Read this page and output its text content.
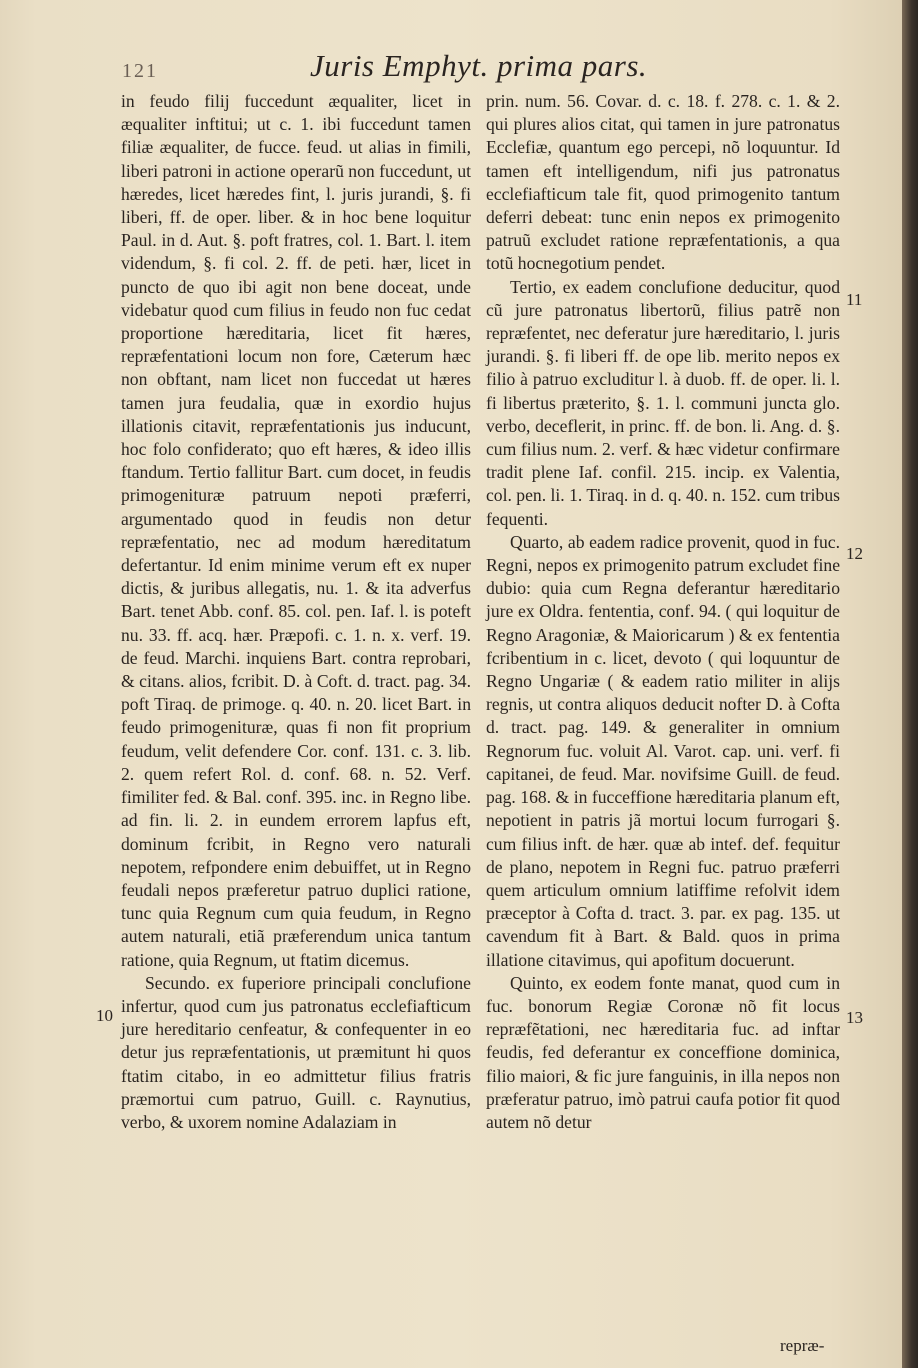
121	Juris Emphyt. prima pars.

in feudo filij fuccedunt æqualiter, licet in æqualiter inftitui; ut c. 1. ibi fuccedunt tamen filiæ æqualiter, de fucce. feud. ut alias in fimili, liberi patroni in actione operarũ non fuccedunt, ut hæredes, licet hæredes fint, l. juris jurandi, §. fi liberi, ff. de oper. liber. & in hoc bene loquitur Paul. in d. Aut. §. poft fratres, col. 1. Bart. l. item videndum, §. fi col. 2. ff. de peti. hær, licet in puncto de quo ibi agit non bene doceat, unde videbatur quod cum filius in feudo non fuc cedat proportione hæreditaria, licet fit hæres, repræfentationi locum non fore, Cæterum hæc non obftant, nam licet non fuccedat ut hæres tamen jura feudalia, quæ in exordio hujus illationis citavit, repræfentationis jus inducunt, hoc folo confiderato; quo eft hæres, & ideo illis ftandum. Tertio fallitur Bart. cum docet, in feudis primogenituræ patruum nepoti præferri, argumentado quod in feudis non detur repræfentatio, nec ad modum hæreditatum defertantur. Id enim minime verum eft ex nuper dictis, & juribus allegatis, nu. 1. & ita adverfus Bart. tenet Abb. conf. 85. col. pen. Iaf. l. is poteft nu. 33. ff. acq. hær. Præpofi. c. 1. n. x. verf. 19. de feud. Marchi. inquiens Bart. contra reprobari, & citans. alios, fcribit. D. à Coft. d. tract. pag. 34. poft Tiraq. de primoge. q. 40. n. 20. licet Bart. in feudo primogenituræ, quas fi non fit proprium feudum, velit defendere Cor. conf. 131. c. 3. lib. 2. quem refert Rol. d. conf. 68. n. 52. Verf. fimiliter fed. & Bal. conf. 395. inc. in Regno libe. ad fin. li. 2. in eundem errorem lapfus eft, dominum fcribit, in Regno vero naturali nepotem, refpondere enim debuiffet, ut in Regno feudali nepos præferetur patruo duplici ratione, tunc quia Regnum cum quia feudum, in Regno autem naturali, etiã præferendum unica tantum ratione, quia Regnum, ut ftatim dicemus.

Secundo. ex fuperiore principali conclufione infertur, quod cum jus patronatus ecclefiafticum jure hereditario cenfeatur, & confequenter in eo detur jus repræfentationis, ut præmitunt hi quos ftatim citabo, in eo admittetur filius fratris præmortui cum patruo, Guill. c. Raynutius, verbo, & uxorem nomine Adalaziam in

10

prin. num. 56. Covar. d. c. 18. f. 278. c. 1. & 2. qui plures alios citat, qui tamen in jure patronatus Ecclefiæ, quantum ego percepi, nõ loquuntur. Id tamen eft intelligendum, nifi jus patronatus ecclefiafticum tale fit, quod primogenito tantum deferri debeat: tunc enin nepos ex primogenito patruũ excludet ratione repræfentationis, a qua totũ hocnegotium pendet.

Tertio, ex eadem conclufione deducitur, quod cũ jure patronatus libertorũ, filius patrẽ non repræfentet, nec deferatur jure hæreditario, l. juris jurandi. §. fi liberi ff. de ope lib. merito nepos ex filio à patruo excluditur l. à duob. ff. de oper. li. l. fi libertus præterito, §. 1. l. communi juncta glo. verbo, deceflerit, in princ. ff. de bon. li. Ang. d. §. cum filius num. 2. verf. & hæc videtur confirmare tradit plene Iaf. confil. 215. incip. ex Valentia, col. pen. li. 1. Tiraq. in d. q. 40. n. 152. cum tribus fequenti.

Quarto, ab eadem radice provenit, quod in fuc. Regni, nepos ex primogenito patrum excludet fine dubio: quia cum Regna deferantur hæreditario jure ex Oldra. fententia, conf. 94. ( qui loquitur de Regno Aragoniæ, & Maioricarum ) & ex fententia fcribentium in c. licet, devoto ( qui loquuntur de Regno Ungariæ ( & eadem ratio militer in alijs regnis, ut contra aliquos deducit nofter D. à Cofta d. tract. pag. 149. & generaliter in omnium Regnorum fuc. voluit Al. Varot. cap. uni. verf. fi capitanei, de feud. Mar. novifsime Guill. de feud. pag. 168. & in fucceffione hæreditaria planum eft, nepotient in patris jã mortui locum furrogari §. cum filius inft. de hær. quæ ab intef. def. fequitur de plano, nepotem in Regni fuc. patruo præferri quem articulum omnium latiffime refolvit idem præceptor à Cofta d. tract. 3. par. ex pag. 135. ut cavendum fit à Bart. & Bald. quos in prima illatione citavimus, qui apofitum docuerunt.

Quinto, ex eodem fonte manat, quod cum in fuc. bonorum Regiæ Coronæ nõ fit locus repræfẽtationi, nec hæreditaria fuc. ad inftar feudis, fed deferantur ex conceffione dominica, filio maiori, & fic jure fanguinis, in illa nepos non præferatur patruo, imò patrui caufa potior fit quod autem nõ detur

11
12
13
repræ-
